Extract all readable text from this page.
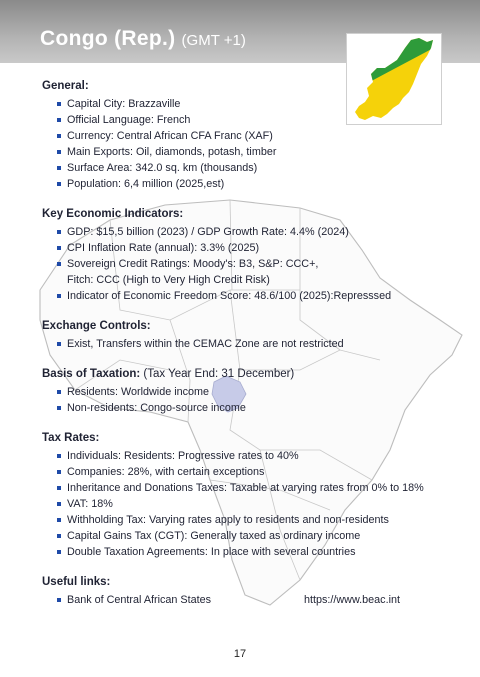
Congo (Rep.) (GMT +1)

General:

Capital City: Brazzaville
Official Language: French
Currency: Central African CFA Franc (XAF)
Main Exports: Oil, diamonds, potash, timber
Surface Area: 342.0 sq. km (thousands)
Population: 6,4 million (2025,est)

Key Economic Indicators:

GDP: $15,5 billion (2023) / GDP Growth Rate: 4.4% (2024)
CPI Inflation Rate (annual): 3.3% (2025)
Sovereign Credit Ratings: Moody's: B3, S&P: CCC+,
Fitch: CCC (High to Very High Credit Risk)
Indicator of Economic Freedom Score: 48.6/100 (2025):Represssed

Exchange Controls:

Exist, Transfers within the CEMAC Zone are not restricted

Basis of Taxation: (Tax Year End: 31 December)

Residents: Worldwide income
Non-residents: Congo-source income

Tax Rates:

Individuals: Residents: Progressive rates to 40%
Companies: 28%, with certain exceptions
Inheritance and Donations Taxes: Taxable at varying rates from 0% to 18%
VAT: 18%
Withholding Tax: Varying rates apply to residents and non-residents
Capital Gains Tax (CGT): Generally taxed as ordinary income
Double Taxation Agreements: In place with several countries

Useful links:

Bank of Central African States	https://www.beac.int
17
